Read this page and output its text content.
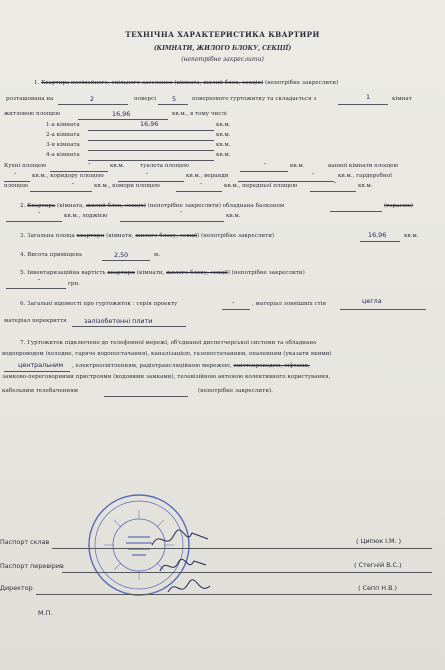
ТЕХНІЧНА ХАРАКТЕРИСТИКА КВАРТИРИ
(КІМНАТИ, ЖИЛОГО БЛОКУ, СЕКЦІЇ)
(непотрібне закреслити)
1. Квартира посімейного, спільного заселення (кімната, жилий блок, секція) (непотрібне закреслити)
розташована на	2	поверсі 5	поверхового гуртожитку та складається з	1	кімнат
житловою площею	16,96	кв.м., в тому числі
1-а кімната	16,96	кв.м.
2-а кімната	кв.м.
3-я кімната	кв.м.
4-а кімната	кв.м.
Кухні площею	-	кв.м.	туалета площею	-	кв.м.	ванної кімнати площею
-	кв.м., коридору площею	-	кв.м., веранди	-	кв.м., гардеробної
площею	-	кв.м., комори площею	-	кв.м., передньої площею	-	кв.м.
2. Квартира (кімната, жилий блок, секція) (непотрібне закреслити) обладнана балконом	(терасою)
-	кв.м., лоджією
-
кв.м.
3. Загальна площа квартири (кімнати, жилого блоку, секції) (непотрібне закреслити)	16,96	кв.м.
4. Висота приміщень	2,50	м.
5. Інвентаризаційна вартість квартири (кімнати, жилого блоку, секції) (непотрібне закреслити)
-
грн.
6. Загальні відомості про гуртожиток : серія проекту	-	, матеріал зовнішніх стін	цегла
матеріал перекриття	залізобетонні плити
7. Гуртожиток підключено до телефонної мережі, об'єднаної диспетчерської системи та обладнано
водопроводом (холодне, гаряче водопостачання), каналізацією, газопостачанням, опаленням (указати якими)
центральним , електроосвітленням, радіотрансляційною мережею, сміттєпроводом, ліфтами,
замково-переговорними пристроями (кодовими замками), телевізійною антеною колективного користування,
кабельним телебаченням	(непотрібне закреслити).
Паспорт склав	( Ципюк І.М. )
Паспорт перевірив	( Стегній В.С.)
Директор	( Сепп Н.В.)
М.П.
